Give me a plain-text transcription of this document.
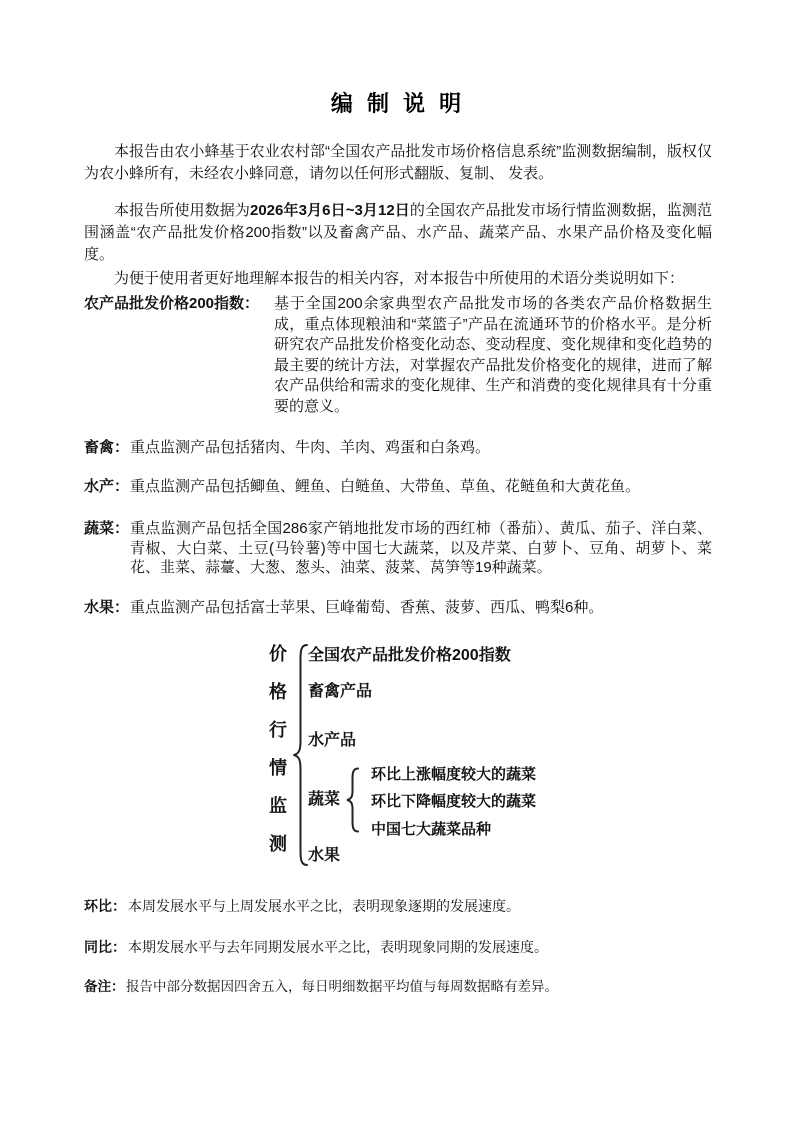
编 制 说 明

本报告由农小蜂基于农业农村部“全国农产品批发市场价格信息系统”监测数据编制，版权仅为农小蜂所有，未经农小蜂同意，请勿以任何形式翻版、复制、 发表。

本报告所使用数据为2026年3月6日~3月12日的全国农产品批发市场行情监测数据，监测范围涵盖“农产品批发价格200指数”以及畜禽产品、水产品、蔬菜产品、水果产品价格及变化幅度。

为便于使用者更好地理解本报告的相关内容，对本报告中所使用的术语分类说明如下：

农产品批发价格200指数： 基于全国200余家典型农产品批发市场的各类农产品价格数据生成，重点体现粮油和“菜篮子”产品在流通环节的价格水平。是分析研究农产品批发价格变化动态、变动程度、变化规律和变化趋势的最主要的统计方法，对掌握农产品批发价格变化的规律，进而了解农产品供给和需求的变化规律、生产和消费的变化规律具有十分重要的意义。
畜禽： 重点监测产品包括猪肉、牛肉、羊肉、鸡蛋和白条鸡。
水产： 重点监测产品包括鲫鱼、鲤鱼、白鲢鱼、大带鱼、草鱼、花鲢鱼和大黄花鱼。
蔬菜： 重点监测产品包括全国286家产销地批发市场的西红柿（番茄）、黄瓜、茄子、洋白菜、青椒、大白菜、土豆(马铃薯)等中国七大蔬菜，以及芹菜、白萝卜、豆角、胡萝卜、菜花、韭菜、蒜薹、大葱、葱头、油菜、菠菜、莴笋等19种蔬菜。
水果： 重点监测产品包括富士苹果、巨峰葡萄、香蕉、菠萝、西瓜、鸭梨6种。
价
格
行
情
监
测
全国农产品批发价格200指数
畜禽产品
水产品
蔬菜
水果
环比上涨幅度较大的蔬菜
环比下降幅度较大的蔬菜
中国七大蔬菜品种
环比： 本周发展水平与上周发展水平之比，表明现象逐期的发展速度。
同比： 本期发展水平与去年同期发展水平之比，表明现象同期的发展速度。
备注： 报告中部分数据因四舍五入，每日明细数据平均值与每周数据略有差异。
